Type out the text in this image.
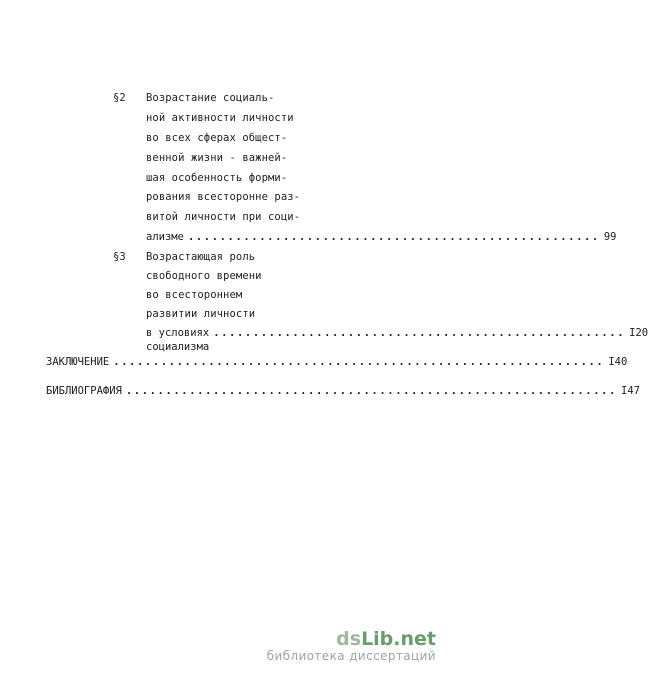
§2 Возрастание социаль-
ной активности личности
во всех сферах общест-
венной жизни - важней-
шая особенность форми-
рования всесторонне раз-
витой личности при соци-
ализме .................................................... 99
§3 Возрастающая роль
свободного времени
во всестороннем
развитии личности
в условиях социализма
.................................................... I20
ЗАКЛЮЧЕНИЕ .............................................................. I40
БИБЛИОГРАФИЯ .............................................................. I47
dsLib.net
библиотека диссертаций
